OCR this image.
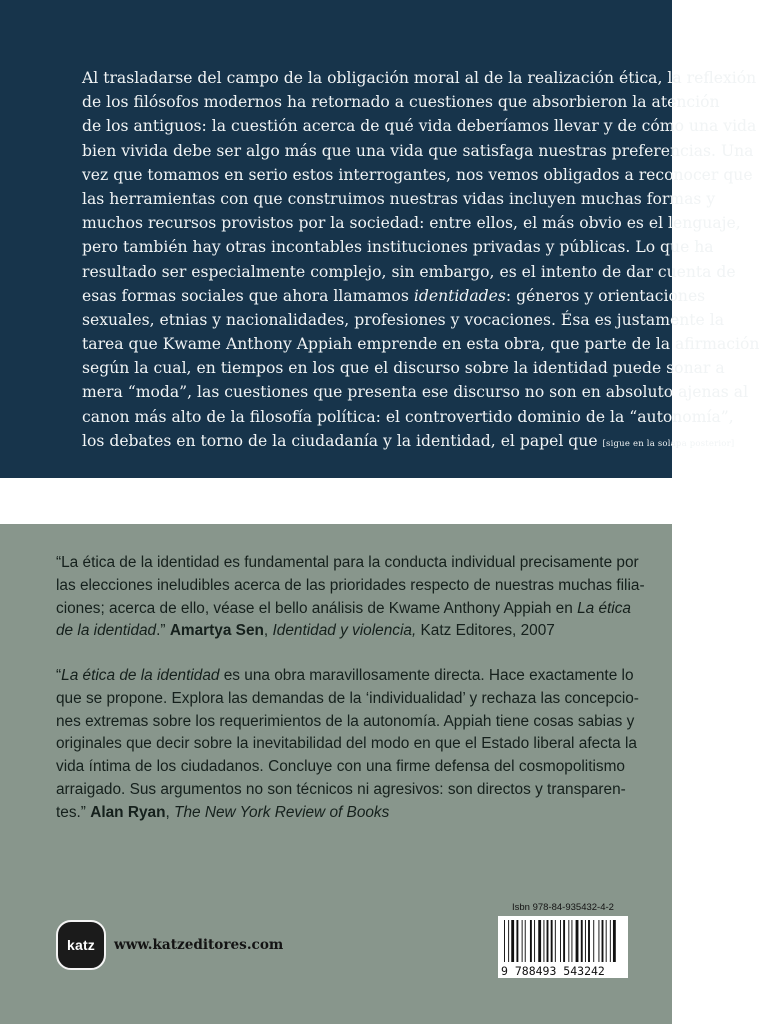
Al trasladarse del campo de la obligación moral al de la realización ética, la reflexión
de los filósofos modernos ha retornado a cuestiones que absorbieron la atención
de los antiguos: la cuestión acerca de qué vida deberíamos llevar y de cómo una vida
bien vivida debe ser algo más que una vida que satisfaga nuestras preferencias. Una
vez que tomamos en serio estos interrogantes, nos vemos obligados a reconocer que
las herramientas con que construimos nuestras vidas incluyen muchas formas y
muchos recursos provistos por la sociedad: entre ellos, el más obvio es el lenguaje,
pero también hay otras incontables instituciones privadas y públicas. Lo que ha
resultado ser especialmente complejo, sin embargo, es el intento de dar cuenta de
esas formas sociales que ahora llamamos identidades: géneros y orientaciones
sexuales, etnias y nacionalidades, profesiones y vocaciones. Ésa es justamente la
tarea que Kwame Anthony Appiah emprende en esta obra, que parte de la afirmación
según la cual, en tiempos en los que el discurso sobre la identidad puede sonar a
mera “moda”, las cuestiones que presenta ese discurso no son en absoluto ajenas al
canon más alto de la filosofía política: el controvertido dominio de la “autonomía”,
los debates en torno de la ciudadanía y la identidad, el papel que [sigue en la solapa posterior]
“La ética de la identidad es fundamental para la conducta individual precisamente por
las elecciones ineludibles acerca de las prioridades respecto de nuestras muchas filia-
ciones; acerca de ello, véase el bello análisis de Kwame Anthony Appiah en La ética
de la identidad.” Amartya Sen, Identidad y violencia, Katz Editores, 2007
“La ética de la identidad es una obra maravillosamente directa. Hace exactamente lo
que se propone. Explora las demandas de la ‘individualidad’ y rechaza las concepcio-
nes extremas sobre los requerimientos de la autonomía. Appiah tiene cosas sabias y
originales que decir sobre la inevitabilidad del modo en que el Estado liberal afecta la
vida íntima de los ciudadanos. Concluye con una firme defensa del cosmopolitismo
arraigado. Sus argumentos no son técnicos ni agresivos: son directos y transparen-
tes.” Alan Ryan, The New York Review of Books
katz	www.katzeditores.com
Isbn 978-84-935432-4-2
9 788493 543242
